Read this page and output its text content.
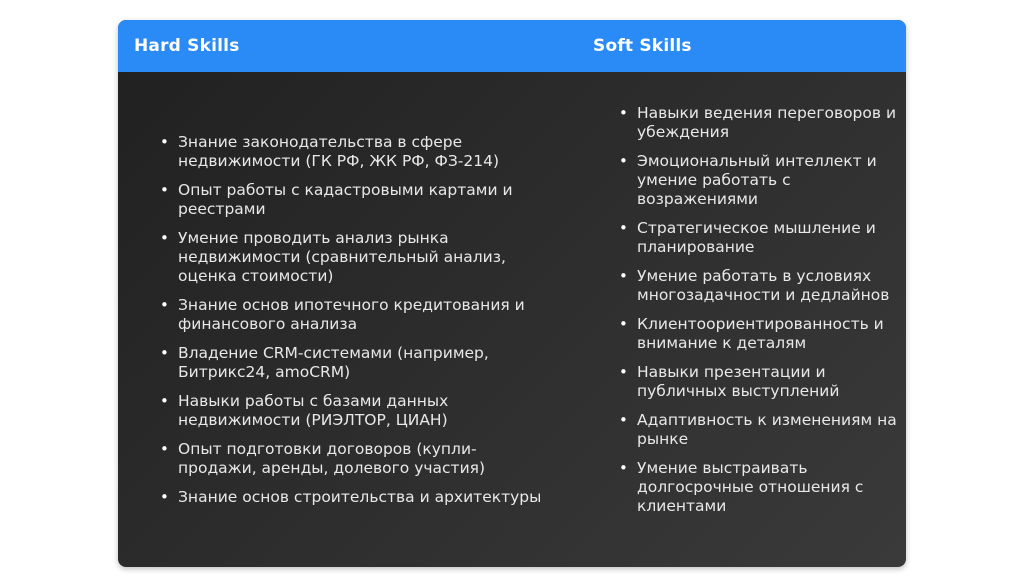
Hard Skills	Soft Skills
• Знание законодательства в сфере недвижимости (ГК РФ, ЖК РФ, ФЗ-214)
• Опыт работы с кадастровыми картами и реестрами
• Умение проводить анализ рынка недвижимости (сравнительный анализ, оценка стоимости)
• Знание основ ипотечного кредитования и финансового анализа
• Владение CRM-системами (например, Битрикс24, amoCRM)
• Навыки работы с базами данных недвижимости (РИЭЛТОР, ЦИАН)
• Опыт подготовки договоров (купли-продажи, аренды, долевого участия)
• Знание основ строительства и архитектуры
• Навыки ведения переговоров и убеждения
• Эмоциональный интеллект и умение работать с возражениями
• Стратегическое мышление и планирование
• Умение работать в условиях многозадачности и дедлайнов
• Клиентоориентированность и внимание к деталям
• Навыки презентации и публичных выступлений
• Адаптивность к изменениям на рынке
• Умение выстраивать долгосрочные отношения с клиентами
